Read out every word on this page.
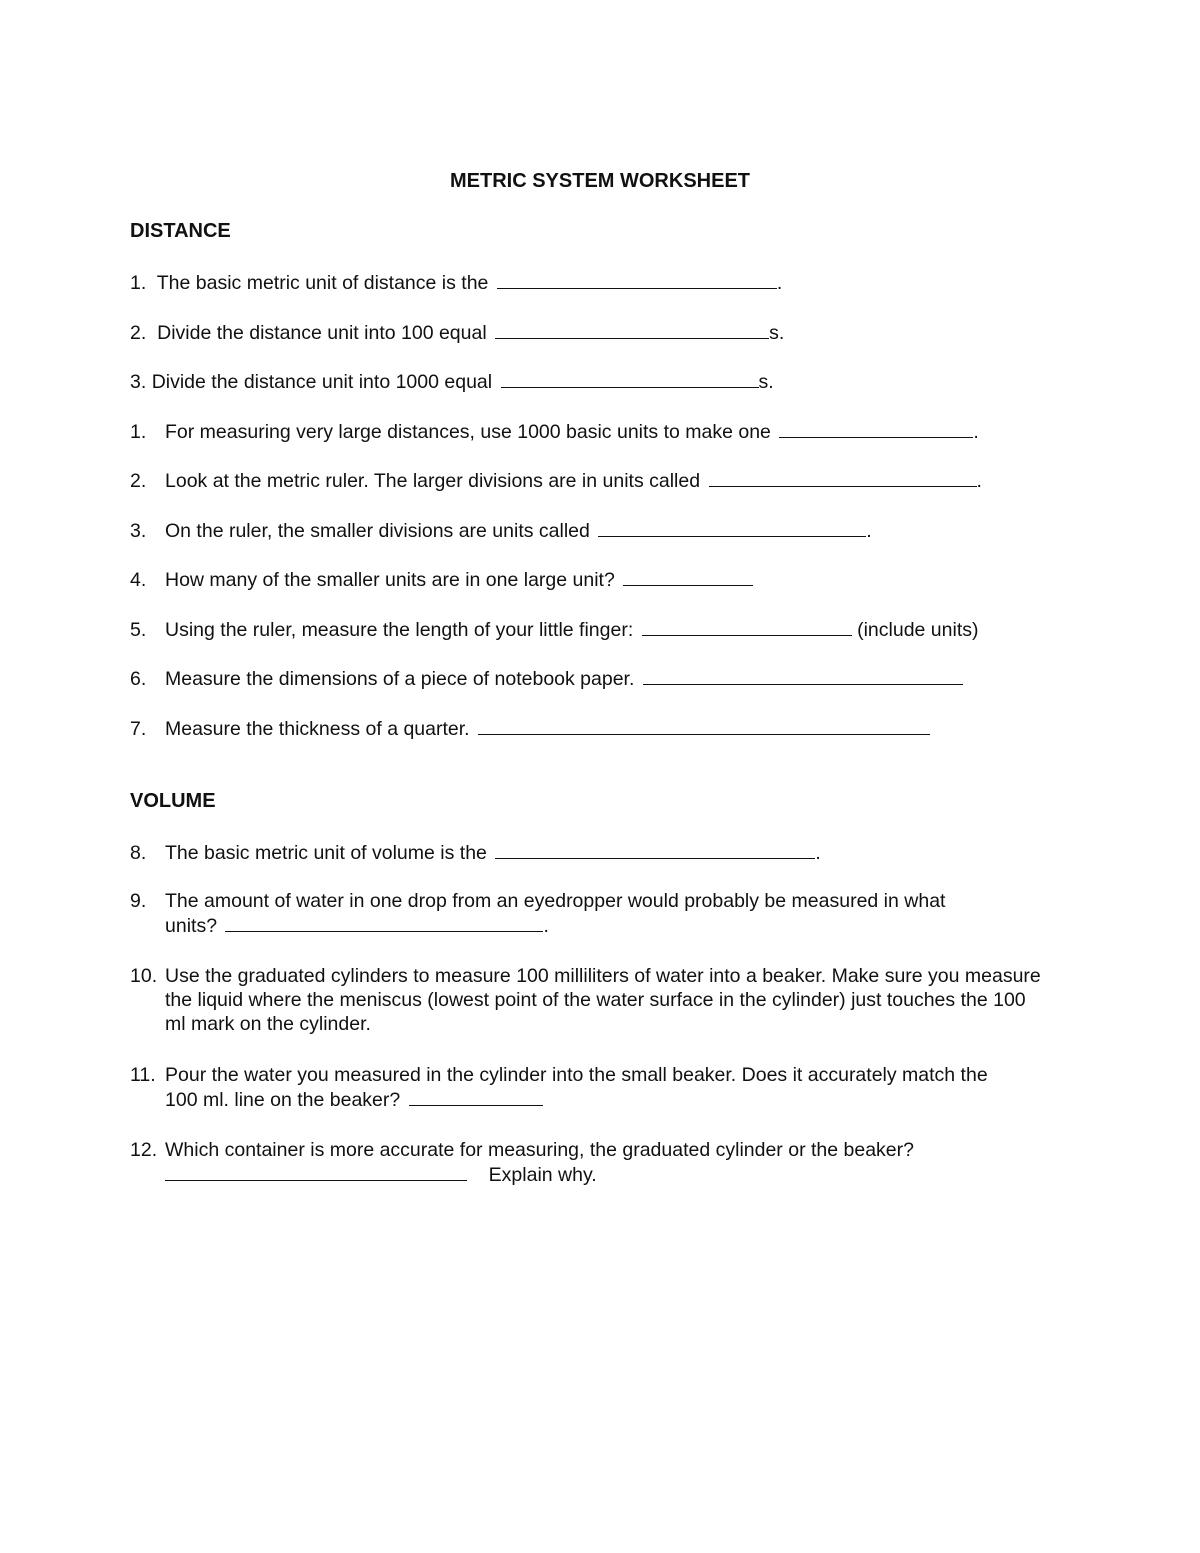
METRIC SYSTEM WORKSHEET
DISTANCE
1. The basic metric unit of distance is the	.
2. Divide the distance unit into 100 equal	s.
3. Divide the distance unit into 1000 equal	s.
1. For measuring very large distances, use 1000 basic units to make one	.
2. Look at the metric ruler. The larger divisions are in units called	.
3. On the ruler, the smaller divisions are units called	.
4. How many of the smaller units are in one large unit?
5. Using the ruler, measure the length of your little finger:	(include units)
6. Measure the dimensions of a piece of notebook paper.
7. Measure the thickness of a quarter.
VOLUME
8. The basic metric unit of volume is the	.
9. The amount of water in one drop from an eyedropper would probably be measured in what
units?	.
10. Use the graduated cylinders to measure 100 milliliters of water into a beaker. Make sure you measure the liquid where the meniscus (lowest point of the water surface in the cylinder) just touches the 100 ml mark on the cylinder.
11. Pour the water you measured in the cylinder into the small beaker. Does it accurately match the
100 ml. line on the beaker?
12. Which container is more accurate for measuring, the graduated cylinder or the beaker?
Explain why.
